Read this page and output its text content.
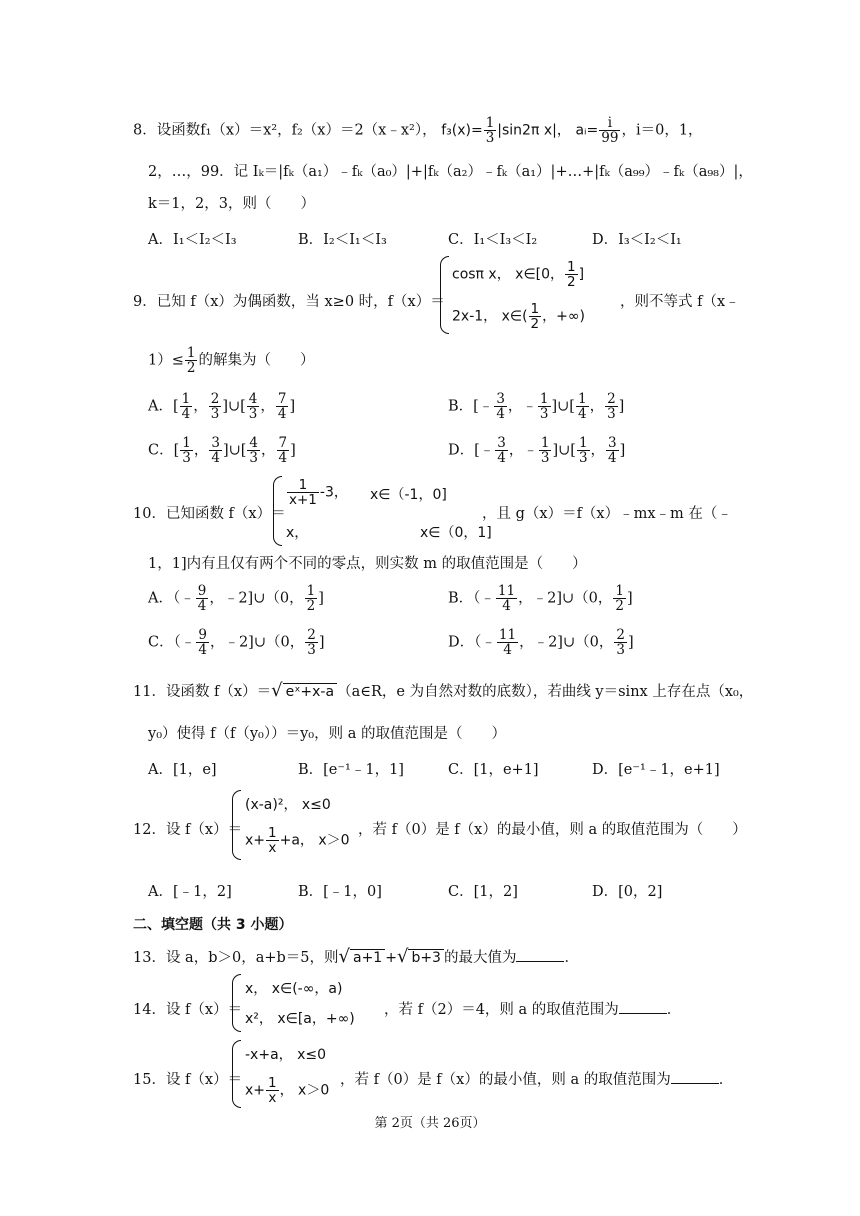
8．设函数f₁（x）＝x²，f₂（x）＝2（x﹣x²）， $f_3(x)= \frac{1}{3} |\sin 2\pi$ x|， aᵢ= $\frac{i}{99}$ ，i＝0，1，
2，…，99．记 Iₖ＝|fₖ（a₁）﹣fₖ（a₀）|+|fₖ（a₂）﹣fₖ（a₁）|+…+|fₖ（a₉₉）﹣fₖ（a₉₈）|，
k＝1，2，3，则（　　）
A．I₁＜I₂＜I₃	B．I₂＜I₁＜I₃	C．I₁＜I₃＜I₂	D．I₃＜I₂＜I₁
9．已知 f（x）为偶函数，当 x≥0 时，f（x）＝
cosπ x， x∈[0， $\frac{1}{2}$ ]
2x-1， x∈( $\frac{1}{2}$ ，+∞)
，则不等式 f（x﹣
$1)\le \frac{1}{2}$ 的解集为（　　）
A．[ $\frac{1}{4}$ ， $\frac{2}{3}$ ]∪[ $\frac{4}{3}$ ， $\frac{7}{4}$ ]	B．[﹣ $\frac{3}{4}$ ，﹣ $\frac{1}{3}$ ]∪[ $\frac{1}{4}$ ， $\frac{2}{3}$ ]
C．[ $\frac{1}{3}$ ， $\frac{3}{4}$ ]∪[ $\frac{4}{3}$ ， $\frac{7}{4}$ ]	D．[﹣ $\frac{3}{4}$ ，﹣ $\frac{1}{3}$ ]∪[ $\frac{1}{3}$ ， $\frac{3}{4}$ ]
10．已知函数 f（x）＝
$\frac{1}{x+1} -3$， x∈（-1，0]
x，	x∈（0，1]
，且 g（x）＝f（x）﹣mx﹣m 在（﹣
1，1]内有且仅有两个不同的零点，则实数 m 的取值范围是（　　）
A．（﹣ $\frac{9}{4}$ ，﹣2]∪（0， $\frac{1}{2}$ ]	B．（﹣ $\frac{11}{4}$ ，﹣2]∪（0， $\frac{1}{2}$ ]
C．（﹣ $\frac{9}{4}$ ，﹣2]∪（0， $\frac{2}{3}$ ]	D．（﹣ $\frac{11}{4}$ ，﹣2]∪（0， $\frac{2}{3}$ ]
11．设函数 f（x）＝√ eˣ+x-a （a∈R，e 为自然对数的底数），若曲线 y＝sinx 上存在点（x₀，
y₀）使得 f（f（y₀））＝y₀，则 a 的取值范围是（　　）
A．[1，e]	B．[e⁻¹﹣1，1]	C．[1，e+1]	D．[e⁻¹﹣1，e+1]
12．设 f（x）＝
(x-a)²， x≤0
$x+ \frac{1}{x} +a$， x＞0
，若 f（0）是 f（x）的最小值，则 a 的取值范围为（　　）
A．[﹣1，2]	B．[﹣1，0]	C．[1，2]	D．[0，2]
二、填空题（共 3 小题）
13．设 a，b＞0，a+b＝5，则√ a+1 +√ b+3 的最大值为	．
14．设 f（x）＝
x， x∈(-∞，a)
x²， x∈[a，+∞)
，若 f（2）＝4，则 a 的取值范围为	．
15．设 f（x）＝
-x+a， x≤0
$x+ \frac{1}{x}$ ， x＞0
，若 f（0）是 f（x）的最小值，则 a 的取值范围为	．
第 2页（共 26页）
